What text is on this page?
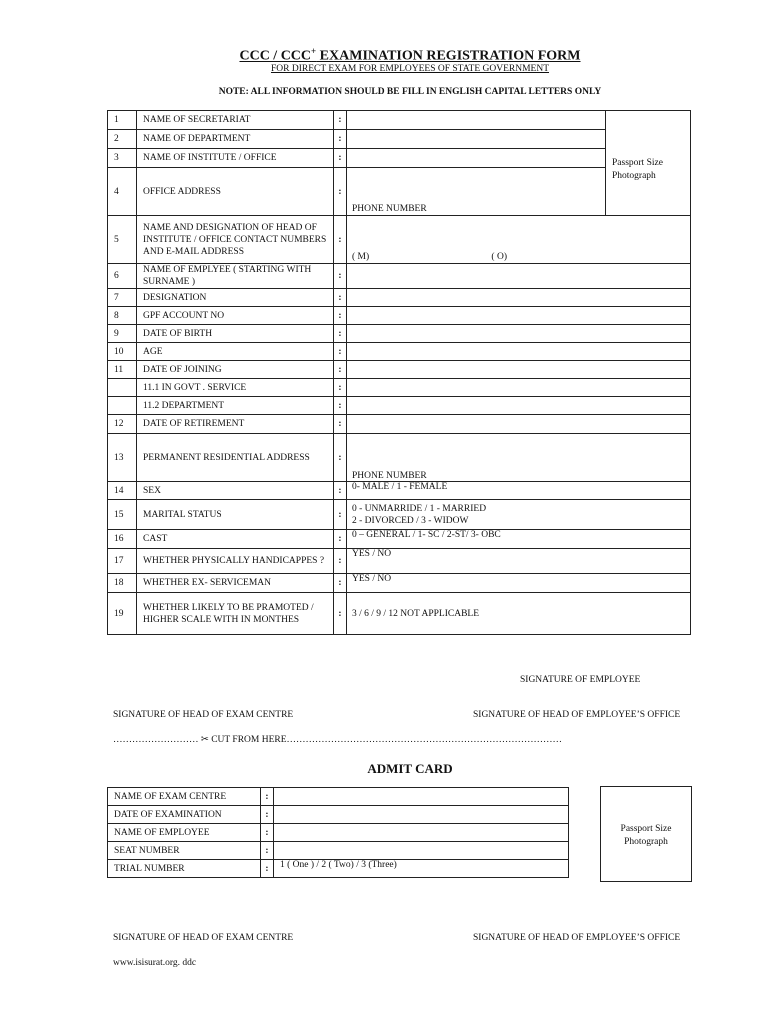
CCC / CCC+ EXAMINATION REGISTRATION FORM
FOR DIRECT EXAM FOR EMPLOYEES OF STATE GOVERNMENT
NOTE: ALL INFORMATION SHOULD BE FILL IN ENGLISH CAPITAL LETTERS ONLY
1	NAME OF SECRETARIAT	:		Passport Size
Photograph
2	NAME OF DEPARTMENT	:		
3	NAME OF INSTITUTE / OFFICE	:		
4	OFFICE ADDRESS	:	PHONE NUMBER	
5	NAME AND DESIGNATION OF HEAD OF INSTITUTE / OFFICE CONTACT NUMBERS AND E-MAIL ADDRESS	:	( M) ( O)	

6	NAME OF EMPLYEE ( STARTING WITH SURNAME )	:		
7	DESIGNATION	:		
8	GPF ACCOUNT NO	:		
9	DATE OF BIRTH	:		
10	AGE	:		
11	DATE OF JOINING	:		
	11.1 IN GOVT . SERVICE	:		
	11.2 DEPARTMENT	:		
12	DATE OF RETIREMENT	:		
13	PERMANENT RESIDENTIAL ADDRESS	:	PHONE NUMBER	
14	SEX	:	0- MALE / 1 - FEMALE	
15	MARITAL STATUS	:	0 - UNMARRIDE / 1 - MARRIED
2 - DIVORCED / 3 - WIDOW	
16	CAST	:	0 – GENERAL / 1- SC / 2-ST/ 3- OBC	
17	WHETHER PHYSICALLY HANDICAPPES ?	:	YES / NO	
18	WHETHER EX- SERVICEMAN	:	YES / NO	
19	WHETHER LIKELY TO BE PRAMOTED / HIGHER SCALE WITH IN MONTHES	:	3 / 6 / 9 / 12 NOT APPLICABLE	
SIGNATURE OF EMPLOYEE
SIGNATURE OF HEAD OF EXAM CENTRE	SIGNATURE OF HEAD OF EMPLOYEE’S OFFICE
……………………… ✂ CUT FROM HERE……………………………………………………………………………
ADMIT CARD
NAME OF EXAM CENTRE	:	
DATE OF EXAMINATION	:	
NAME OF EMPLOYEE	:	
SEAT NUMBER	:	
TRIAL NUMBER	:	1 ( One ) / 2 ( Two) / 3 (Three)
Passport Size
Photograph
SIGNATURE OF HEAD OF EXAM CENTRE	SIGNATURE OF HEAD OF EMPLOYEE’S OFFICE
www.isisurat.org. ddc
